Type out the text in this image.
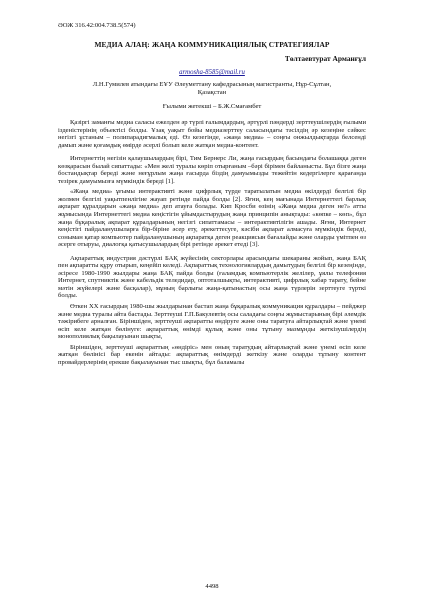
ӘОЖ 316.42:004.738.5(574)

МЕДИА АЛАҢ: ЖАҢА КОММУНИКАЦИЯЛЫҚ СТРАТЕГИЯЛАР

Төлтаевтурат Арманғұл

armosha-8585@mail.ru

Л.Н.Гумилев атындағы ЕҰУ Әлеуметтану кафедрасының магистранты, Нұр-Сұлтан,
Қазақстан

Ғылыми жетекші – Б.Ж.Смағамбет

Қазіргі заманғы медиа саласы ежелден әр түрлі ғалымдардың, әртүрлі пәндерді зерттеушілердің ғылыми ізденістерінің объектісі болды. Ұзақ уақыт бойы медиазерттеу саласындағы тәсілдің әр кезеңіне сәйкес негізгі ұстаным – полипарадигмалық еді. Өз кезегінде, «жаңа медиа» – соңғы онжылдықтарда белсенді дамып және қоғамдық өмірде әсерлі болып келе жатқан медиа-контент.

Интернеттің негізін қалаушылардың бірі, Тим Бернерс Ли, жаңа ғасырдың басындағы болашаққа деген көзқарасын былай сипаттады: «Мен желі туралы көріп отырғаным –бәрі бірімен байланысты. Бұл бізге жаңа бостандықтар береді және неғұрлым жаңа ғасырда біздің дамуымызды тежейтін кедергілерге қарағанда тезірек дамуымызға мүмкіндік береді [1].

«Жаңа медиа» ұғымы интерактивті және цифрлық түрде таратылатын медиа өкілдерді белгілі бір жолмен белгілі уақытпенлігіне жауап ретінде пайда болды [2]. Яғни, кең мағынада Интернеттегі барлық ақпарат құралдарын «жаңа медиа» деп атауға болады. Кип Кросби өзінің «Жаңа медиа деген не?» атты жұмысында Интернеттегі медиа кеңістігін ұйымдастырудың жаңа принципін анықтады: «көпке – көп», бұл жаңа бұқаралық ақпарат құралдарының негізгі сипаттамасы – интерактивтілігін ашады. Яғни, Интернет кеңістігі пайдаланушыларға бір-біріне әсер ету, әрекеттесуге, кәсіби ақпарат алмасуға мүмкіндік береді, соныман қатар компьютер пайдаланушының ақпаратқа деген реакциясын бағалайды және оларды үмітпен өз әсерге отыруы, диалогқа қатысушылардың бірі ретінде әрекет етеді [3].

Ақпараттық индустрия дәстүрлі БАҚ жүйесінің секторлары арасындағы шекараны жойып, жаңа БАҚ пен ақпаратты құру отырып, кеңейіп келеді. Ақпараттық технологиялардың дамытудың белгілі бір кезеңінде, әсіресе 1980-1990 жылдары жаңа БАҚ пайда болды (ғаламдық компьютерлік желілер, ұялы телефония Интернет, спутниктік және кабельдік теледидар, оптоталшықты, интерактивті, цифрлық хабар тарату, бейне мәтін жүйелері және басқалар), мұның барлығы жаңа-қатынастың осы жаңа түрлерін зерттеуге түрткі болды.

Өткен XX ғасырдың 1980-шы жылдарынан бастап жаңа бұқаралық коммуникация құралдары – пейджер және медиа туралы айта бастады. Зерттеуші Г.П.Бакулевтің осы саладағы соңғы жұмыстарының бірі әлемдік тәжірибеге арналған. Біріншіден, зерттеуші ақпаратты өндіруге және оны таратуға айтарлықтай және үнемі өсіп келе жатқан бөлінуге: ақпараттық өнімді құлық және оны тұтыну мазмұнды жеткізушілердің монополиялық бақылауынан шықты,

Біріншіден, зерттеуші ақпараттың «өндіріс» мен оның таратудың айтарлықтай және үнемі өсіп келе жатқан бөлінісі бар екенін айтады: ақпараттық өнімдерді жеткізу және оларды тұтыну контент провайдерлерінің ерекше бақылауынан тыс шықты, бұл баламалы

4498
